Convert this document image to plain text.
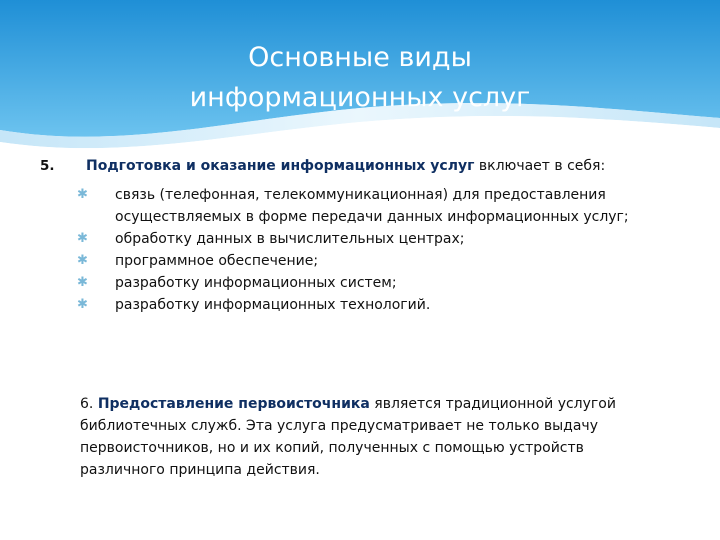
Основные виды
информационных услуг
5. Подготовка и оказание информационных услуг включает в себя:
✱ связь (телефонная, телекоммуникационная) для предоставления осуществляемых в форме передачи данных информационных услуг;
✱ обработку данных в вычислительных центрах;
✱ программное обеспечение;
✱ разработку информационных систем;
✱ разработку информационных технологий.
6. Предоставление первоисточника является традиционной услугой библиотечных служб. Эта услуга предусматривает не только выдачу первоисточников, но и их копий, полученных с помощью устройств различного принципа действия.
